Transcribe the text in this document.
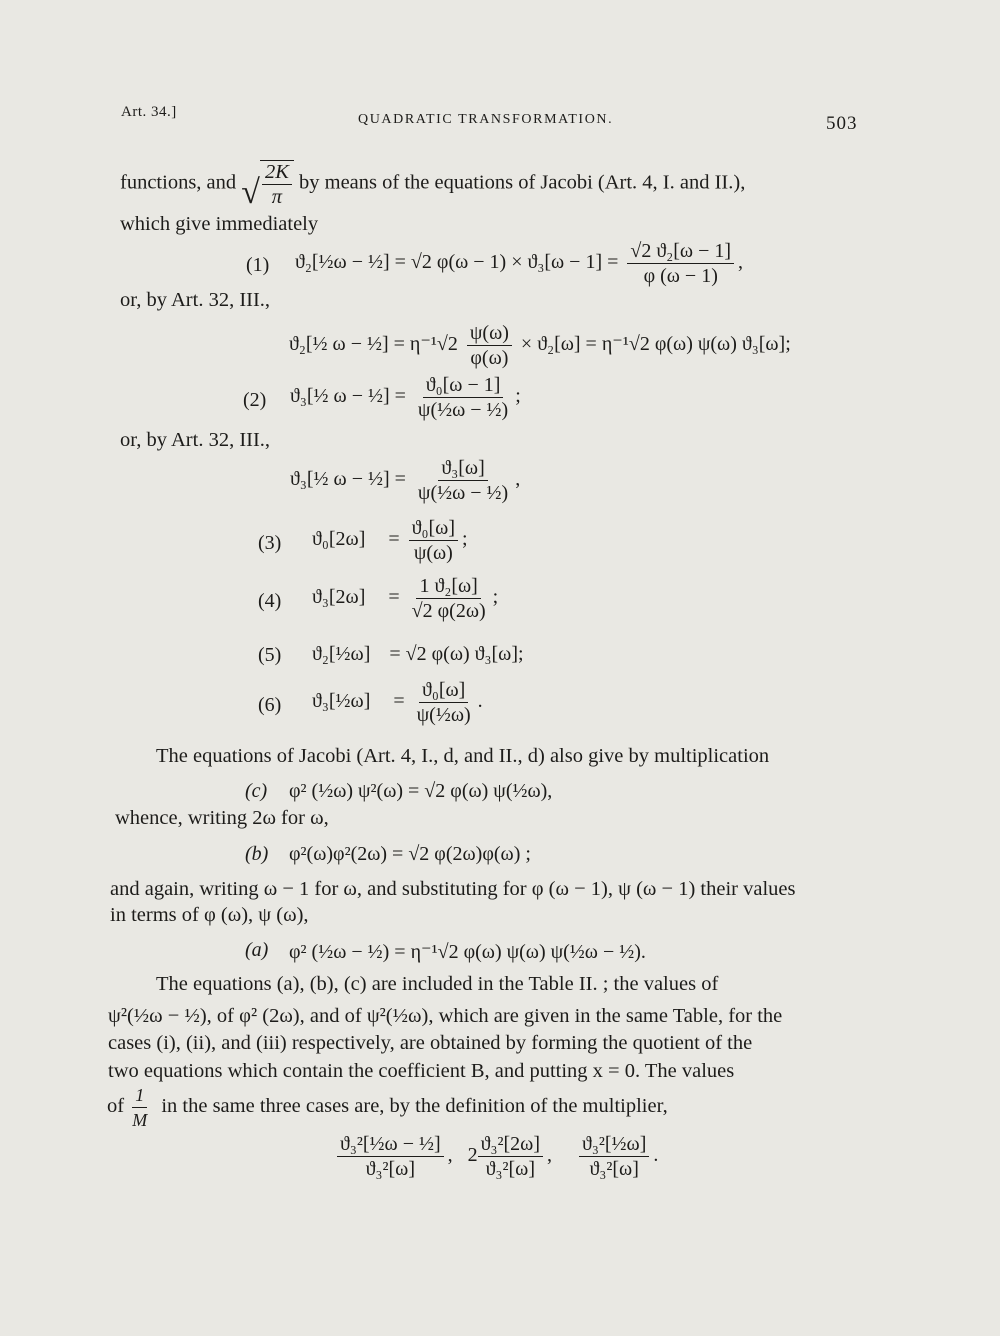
Art. 34.]	QUADRATIC TRANSFORMATION.	503
functions, and √ $\frac{2K}{\pi}$ by means of the equations of Jacobi (Art. 4, I. and II.),
which give immediately
(1) ϑ₂[½ω − ½] = √2 $\varphi(\omega - 1) \times ϑ_3[\omega - 1] = \frac{\text{√2 ϑ₂[ω − 1]}}{\varphi (\omega - 1)}$ ,
or, by Art. 32, III.,
ϑ₂[½ ω − ½] = $\eta^{-1}√2 \frac{\psi(\omega)}{\varphi(\omega)} \times ϑ_2[\omega] = \eta^{-1}√2$ φ(ω) ψ(ω) ϑ₃[ω];
(2) ϑ₃[½ ω − ½] = $\frac{\text{ϑ₀[ω − 1]}}{\text{ψ(½ω − ½)}}$ ;
or, by Art. 32, III.,
ϑ₃[½ ω − ½] = $\frac{\text{ϑ₃[ω]}}{\text{ψ(½ω − ½)}}$ ,
(3) $ϑ_0[2\omega] = \frac{\text{ϑ₀[ω]}}{\psi(\omega)}$ ;
(4) $ϑ_3[2\omega] = \frac{\text{1 ϑ₂[ω]}}{√2 \varphi(2\omega)}$ ;
(5) ϑ₂[½ω] = √2 φ(ω) ϑ₃[ω];
(6) ϑ₃[½ω] = $\frac{\text{ϑ₀[ω]}}{\text{ψ(½ω)}}$ .
The equations of Jacobi (Art. 4, I., d, and II., d) also give by multiplication
(c) φ² (½ω) ψ²(ω) = √2 φ(ω) ψ(½ω),
whence, writing 2ω for ω,
(b) φ²(ω)φ²(2ω) = √2 φ(2ω)φ(ω) ;
and again, writing ω − 1 for ω, and substituting for φ (ω − 1), ψ (ω − 1) their values
in terms of φ (ω), ψ (ω),
(a) φ² (½ω − ½) = η⁻¹√2 φ(ω) ψ(ω) ψ(½ω − ½).
The equations (a), (b), (c) are included in the Table II. ; the values of
ψ²(½ω − ½), of φ² (2ω), and of ψ²(½ω), which are given in the same Table, for the
cases (i), (ii), and (iii) respectively, are obtained by forming the quotient of the
two equations which contain the coefficient B, and putting x = 0. The values
of $\frac{1}{M}$ in the same three cases are, by the definition of the multiplier,
$\frac{\text{ϑ₃²[½ω − ½]}}{\text{ϑ₃²[ω]}}$ , $2 \frac{\text{ϑ₃²[2ω]}}{\text{ϑ₃²[ω]}}$ , $\frac{\text{ϑ₃²[½ω]}}{\text{ϑ₃²[ω]}}$ .
